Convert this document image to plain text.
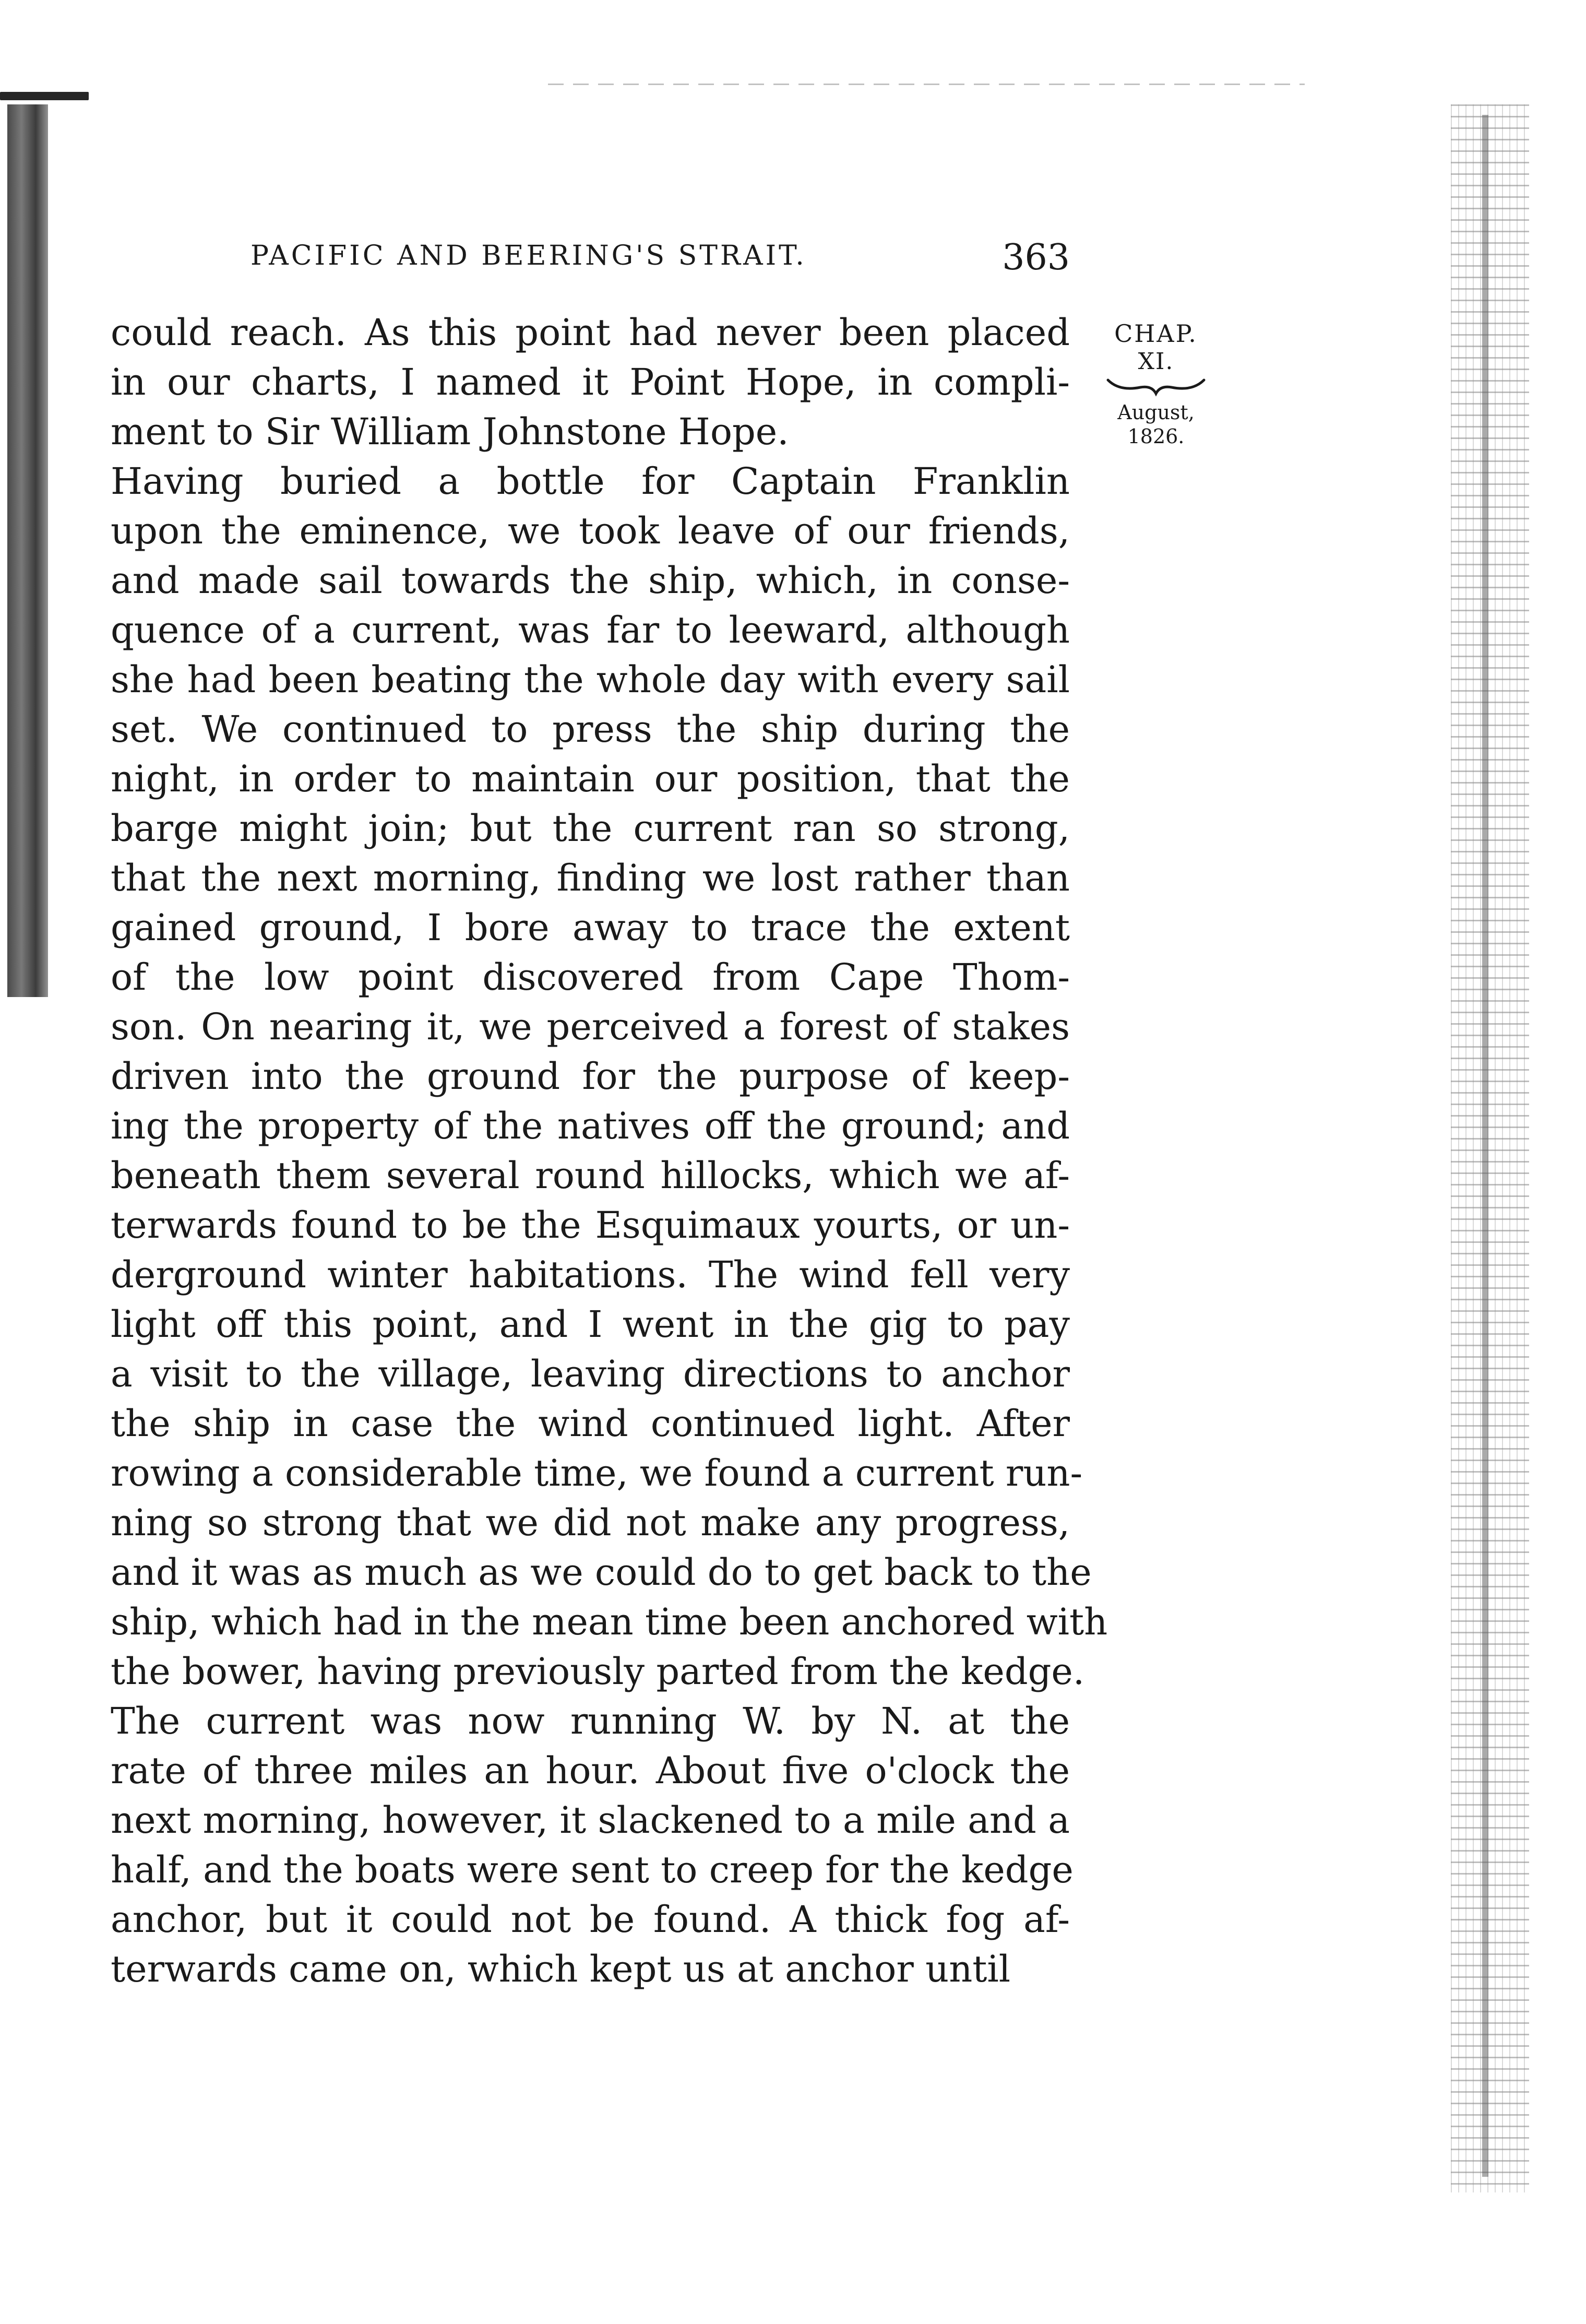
PACIFIC AND BEERING'S STRAIT.	363
CHAP.
XI.
August,
1826.
could reach. As this point had never been placed
in our charts, I named it Point Hope, in compli-
ment to Sir William Johnstone Hope.
Having buried a bottle for Captain Franklin
upon the eminence, we took leave of our friends,
and made sail towards the ship, which, in conse-
quence of a current, was far to leeward, although
she had been beating the whole day with every sail
set. We continued to press the ship during the
night, in order to maintain our position, that the
barge might join; but the current ran so strong,
that the next morning, finding we lost rather than
gained ground, I bore away to trace the extent
of the low point discovered from Cape Thom-
son. On nearing it, we perceived a forest of stakes
driven into the ground for the purpose of keep-
ing the property of the natives off the ground; and
beneath them several round hillocks, which we af-
terwards found to be the Esquimaux yourts, or un-
derground winter habitations. The wind fell very
light off this point, and I went in the gig to pay
a visit to the village, leaving directions to anchor
the ship in case the wind continued light. After
rowing a considerable time, we found a current run-
ning so strong that we did not make any progress,
and it was as much as we could do to get back to the
ship, which had in the mean time been anchored with
the bower, having previously parted from the kedge.
The current was now running W. by N. at the
rate of three miles an hour. About five o'clock the
next morning, however, it slackened to a mile and a
half, and the boats were sent to creep for the kedge
anchor, but it could not be found. A thick fog af-
terwards came on, which kept us at anchor until
